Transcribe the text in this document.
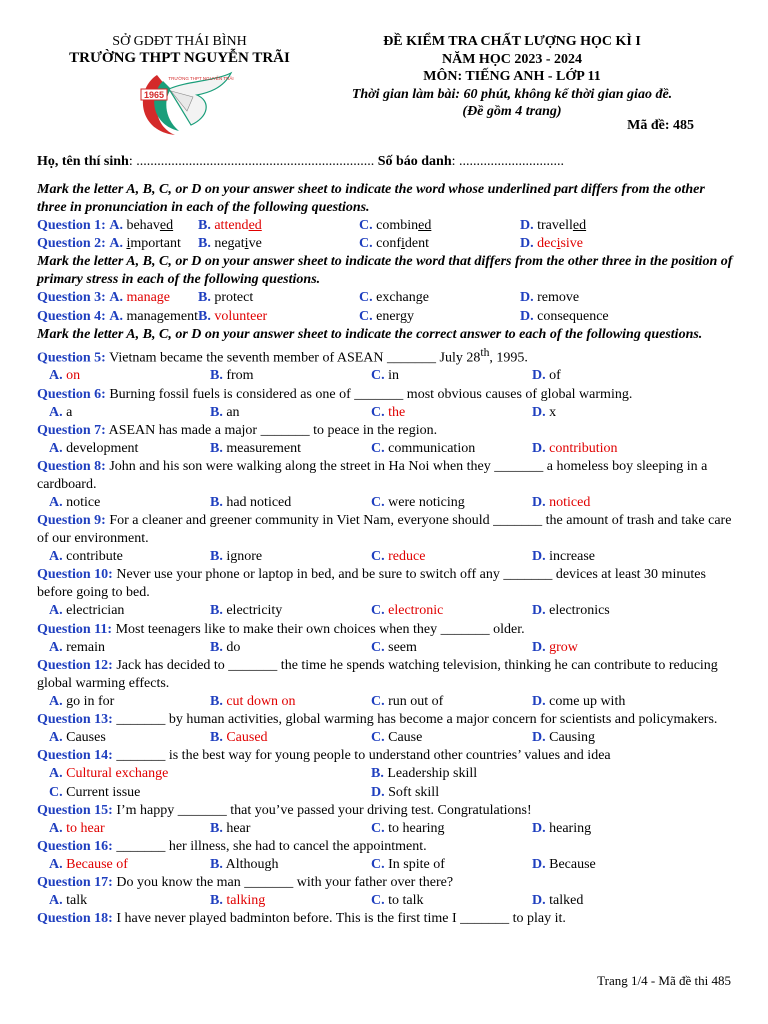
SỞ GDĐT THÁI BÌNH
TRƯỜNG THPT NGUYỄN TRÃI
1965
TRƯỜNG THPT NGUYỄN TRÃI
ĐỀ KIỂM TRA CHẤT LƯỢNG HỌC KÌ I
NĂM HỌC 2023 - 2024
MÔN: TIẾNG ANH - LỚP 11
Thời gian làm bài: 60 phút, không kể thời gian giao đề.
(Đề gồm 4 trang)
Mã đề: 485
Họ, tên thí sinh: .................................................................... Số báo danh: ..............................
Mark the letter A, B, C, or D on your answer sheet to indicate the word whose underlined part differs from the other three in pronunciation in each of the following questions.
Question 1: A. behaved	B. attended	C. combined	D. travelled
Question 2: A. important	B. negative	C. confident	D. decisive
Mark the letter A, B, C, or D on your answer sheet to indicate the word that differs from the other three in the position of primary stress in each of the following questions.
Question 3: A. manage	B. protect	C. exchange	D. remove
Question 4: A. management B. volunteer	C. energy	D. consequence
Mark the letter A, B, C, or D on your answer sheet to indicate the correct answer to each of the following questions.
Question 5: Vietnam became the seventh member of ASEAN _______ July 28th, 1995.
A. on	B. from	C. in	D. of
Question 6: Burning fossil fuels is considered as one of _______ most obvious causes of global warming.
A. a	B. an	C. the	D. x
Question 7: ASEAN has made a major _______ to peace in the region.
A. development	B. measurement	C. communication	D. contribution
Question 8: John and his son were walking along the street in Ha Noi when they _______ a homeless boy sleeping in a cardboard.
A. notice	B. had noticed	C. were noticing	D. noticed
Question 9: For a cleaner and greener community in Viet Nam, everyone should _______ the amount of trash and take care of our environment.
A. contribute	B. ignore	C. reduce	D. increase
Question 10: Never use your phone or laptop in bed, and be sure to switch off any _______ devices at least 30 minutes before going to bed.
A. electrician	B. electricity	C. electronic	D. electronics
Question 11: Most teenagers like to make their own choices when they _______ older.
A. remain	B. do	C. seem	D. grow
Question 12: Jack has decided to _______ the time he spends watching television, thinking he can contribute to reducing global warming effects.
A. go in for	B. cut down on	C. run out of	D. come up with
Question 13: _______ by human activities, global warming has become a major concern for scientists and policymakers.
A. Causes	B. Caused	C. Cause	D. Causing
Question 14: _______ is the best way for young people to understand other countries’ values and idea
A. Cultural exchange	B. Leadership skill
C. Current issue	D. Soft skill
Question 15: I’m happy _______ that you’ve passed your driving test. Congratulations!
A. to hear	B. hear	C. to hearing	D. hearing
Question 16: _______ her illness, she had to cancel the appointment.
A. Because of	B. Although	C. In spite of	D. Because
Question 17: Do you know the man _______ with your father over there?
A. talk	B. talking	C. to talk	D. talked
Question 18: I have never played badminton before. This is the first time I _______ to play it.
Trang 1/4 - Mã đề thi 485
